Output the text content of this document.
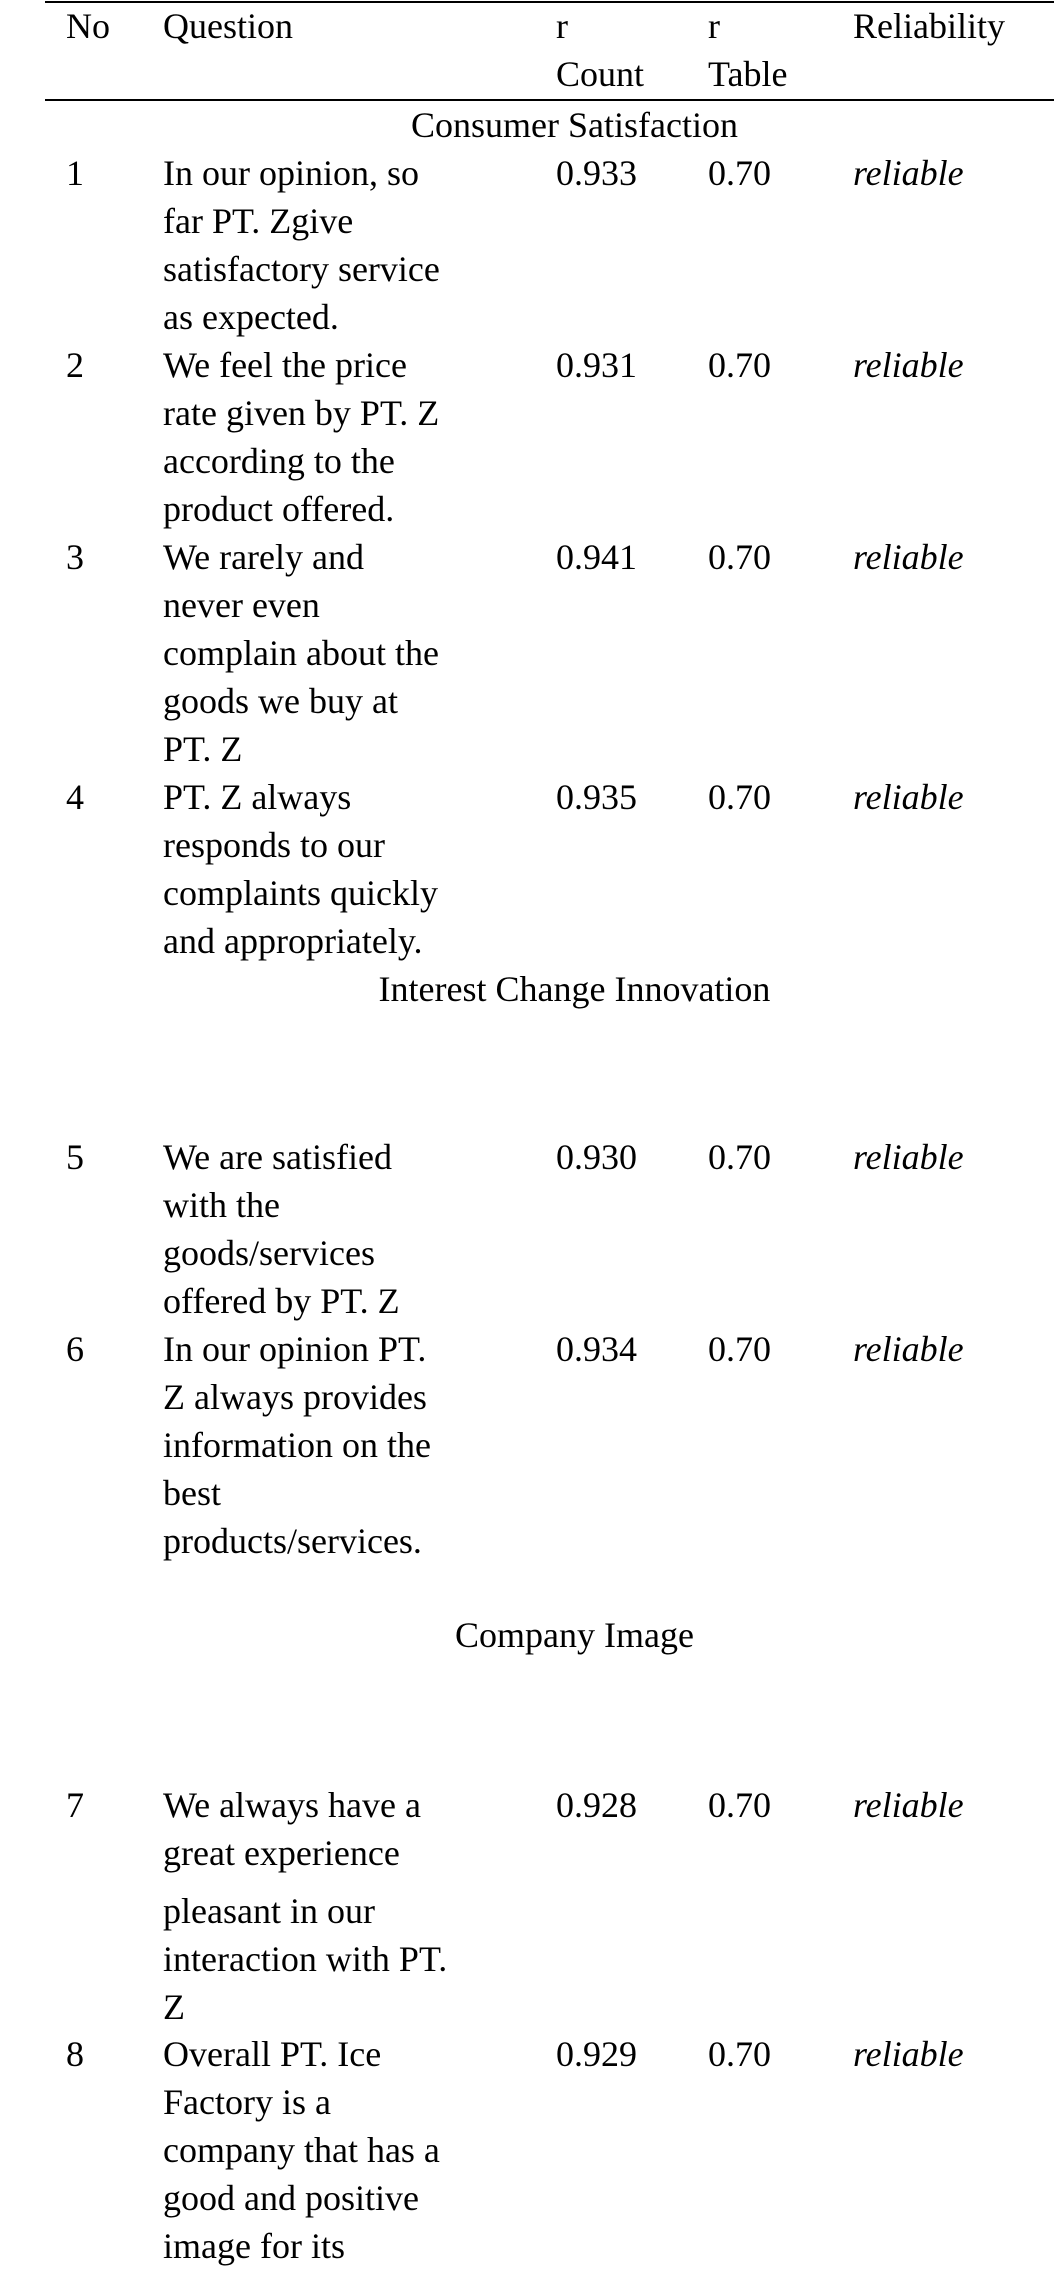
No Question	r
Count
r
Table
Reliability
Consumer Satisfaction
1 In our opinion, so
far PT. Zgive
satisfactory service
as expected.
0.933 0.70 reliable
2 We feel the price
rate given by PT. Z
according to the
product offered.
0.931 0.70 reliable
3 We rarely and
never even
complain about the
goods we buy at
PT. Z
0.941 0.70 reliable
4 PT. Z always
responds to our
complaints quickly
and appropriately.
0.935 0.70 reliable
Interest Change Innovation
5 We are satisfied
with the
goods/services
offered by PT. Z
0.930 0.70 reliable
6 In our opinion PT.
Z always provides
information on the
best
products/services.
0.934 0.70 reliable
Company Image
7 We always have a
great experience
pleasant in our
interaction with PT.
Z
0.928 0.70 reliable
8 Overall PT. Ice
Factory is a
company that has a
good and positive
image for its
0.929 0.70 reliable
